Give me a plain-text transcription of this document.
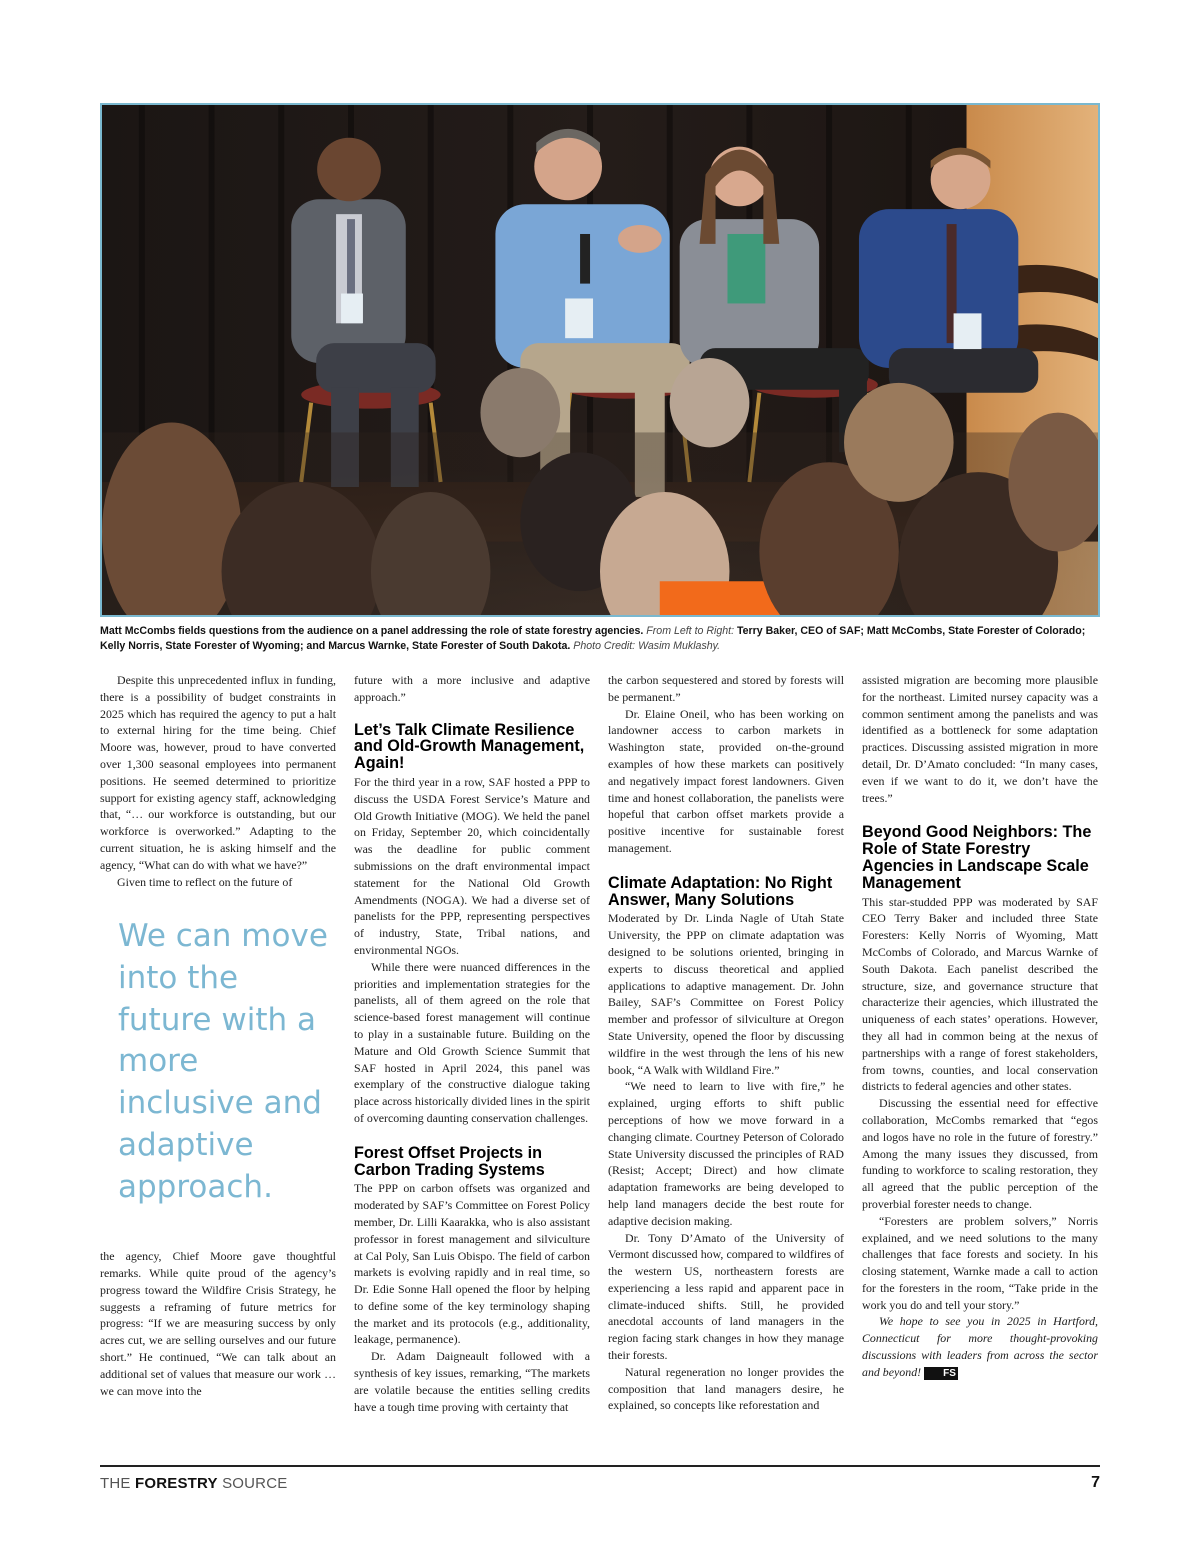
Matt McCombs fields questions from the audience on a panel addressing the role of state forestry agencies. From Left to Right: Terry Baker, CEO of SAF; Matt McCombs, State Forester of Colorado; Kelly Norris, State Forester of Wyoming; and Marcus Warnke, State Forester of South Dakota. Photo Credit: Wasim Muklashy.

Despite this unprecedented influx in funding, there is a possibility of budget constraints in 2025 which has required the agency to put a halt to external hiring for the time being. Chief Moore was, however, proud to have converted over 1,300 seasonal employees into permanent positions. He seemed determined to prioritize support for existing agency staff, acknowledging that, “… our workforce is outstanding, but our workforce is overworked.” Adapting to the current situation, he is asking himself and the agency, “What can do with what we have?”

Given time to reflect on the future of

We can move into the future with a more inclusive and adaptive approach.

the agency, Chief Moore gave thoughtful remarks. While quite proud of the agency’s progress toward the Wildfire Crisis Strategy, he suggests a reframing of future metrics for progress: “If we are measuring success by only acres cut, we are selling ourselves and our future short.” He continued, “We can talk about an additional set of values that measure our work … we can move into the

future with a more inclusive and adaptive approach.”

Let’s Talk Climate Resilience and Old-Growth Management, Again!

For the third year in a row, SAF hosted a PPP to discuss the USDA Forest Service’s Mature and Old Growth Initiative (MOG). We held the panel on Friday, September 20, which coincidentally was the deadline for public comment submissions on the draft environmental impact statement for the National Old Growth Amendments (NOGA). We had a diverse set of panelists for the PPP, representing perspectives of industry, State, Tribal nations, and environmental NGOs.

While there were nuanced differences in the priorities and implementation strategies for the panelists, all of them agreed on the role that science-based forest management will continue to play in a sustainable future. Building on the Mature and Old Growth Science Summit that SAF hosted in April 2024, this panel was exemplary of the constructive dialogue taking place across historically divided lines in the spirit of overcoming daunting conservation challenges.

Forest Offset Projects in Carbon Trading Systems

The PPP on carbon offsets was organized and moderated by SAF’s Committee on Forest Policy member, Dr. Lilli Kaarakka, who is also assistant professor in forest management and silviculture at Cal Poly, San Luis Obispo. The field of carbon markets is evolving rapidly and in real time, so Dr. Edie Sonne Hall opened the floor by helping to define some of the key terminology shaping the market and its protocols (e.g., additionality, leakage, permanence).

Dr. Adam Daigneault followed with a synthesis of key issues, remarking, “The markets are volatile because the entities selling credits have a tough time proving with certainty that

the carbon sequestered and stored by forests will be permanent.”

Dr. Elaine Oneil, who has been working on landowner access to carbon markets in Washington state, provided on-the-ground examples of how these markets can positively and negatively impact forest landowners. Given time and honest collaboration, the panelists were hopeful that carbon offset markets provide a positive incentive for sustainable forest management.

Climate Adaptation: No Right Answer, Many Solutions

Moderated by Dr. Linda Nagle of Utah State University, the PPP on climate adaptation was designed to be solutions oriented, bringing in experts to discuss theoretical and applied applications to adaptive management. Dr. John Bailey, SAF’s Committee on Forest Policy member and professor of silviculture at Oregon State University, opened the floor by discussing wildfire in the west through the lens of his new book, “A Walk with Wildland Fire.”

“We need to learn to live with fire,” he explained, urging efforts to shift public perceptions of how we move forward in a changing climate. Courtney Peterson of Colorado State University discussed the principles of RAD (Resist; Accept; Direct) and how climate adaptation frameworks are being developed to help land managers decide the best route for adaptive decision making.

Dr. Tony D’Amato of the University of Vermont discussed how, compared to wildfires of the western US, northeastern forests are experiencing a less rapid and apparent pace in climate-induced shifts. Still, he provided anecdotal accounts of land managers in the region facing stark changes in how they manage their forests.

Natural regeneration no longer provides the composition that land managers desire, he explained, so concepts like reforestation and

assisted migration are becoming more plausible for the northeast. Limited nursey capacity was a common sentiment among the panelists and was identified as a bottleneck for some adaptation practices. Discussing assisted migration in more detail, Dr. D’Amato concluded: “In many cases, even if we want to do it, we don’t have the trees.”

Beyond Good Neighbors: The Role of State Forestry Agencies in Landscape Scale Management

This star-studded PPP was moderated by SAF CEO Terry Baker and included three State Foresters: Kelly Norris of Wyoming, Matt McCombs of Colorado, and Marcus Warnke of South Dakota. Each panelist described the structure, size, and governance structure that characterize their agencies, which illustrated the uniqueness of each states’ operations. However, they all had in common being at the nexus of partnerships with a range of forest stakeholders, from towns, counties, and local conservation districts to federal agencies and other states.

Discussing the essential need for effective collaboration, McCombs remarked that “egos and logos have no role in the future of forestry.” Among the many issues they discussed, from funding to workforce to scaling restoration, they all agreed that the public perception of the proverbial forester needs to change.

“Foresters are problem solvers,” Norris explained, and we need solutions to the many challenges that face forests and society. In his closing statement, Warnke made a call to action for the foresters in the room, “Take pride in the work you do and tell your story.”

We hope to see you in 2025 in Hartford, Connecticut for more thought-provoking discussions with leaders from across the sector and beyond! FS

THE FORESTRY SOURCE	7
